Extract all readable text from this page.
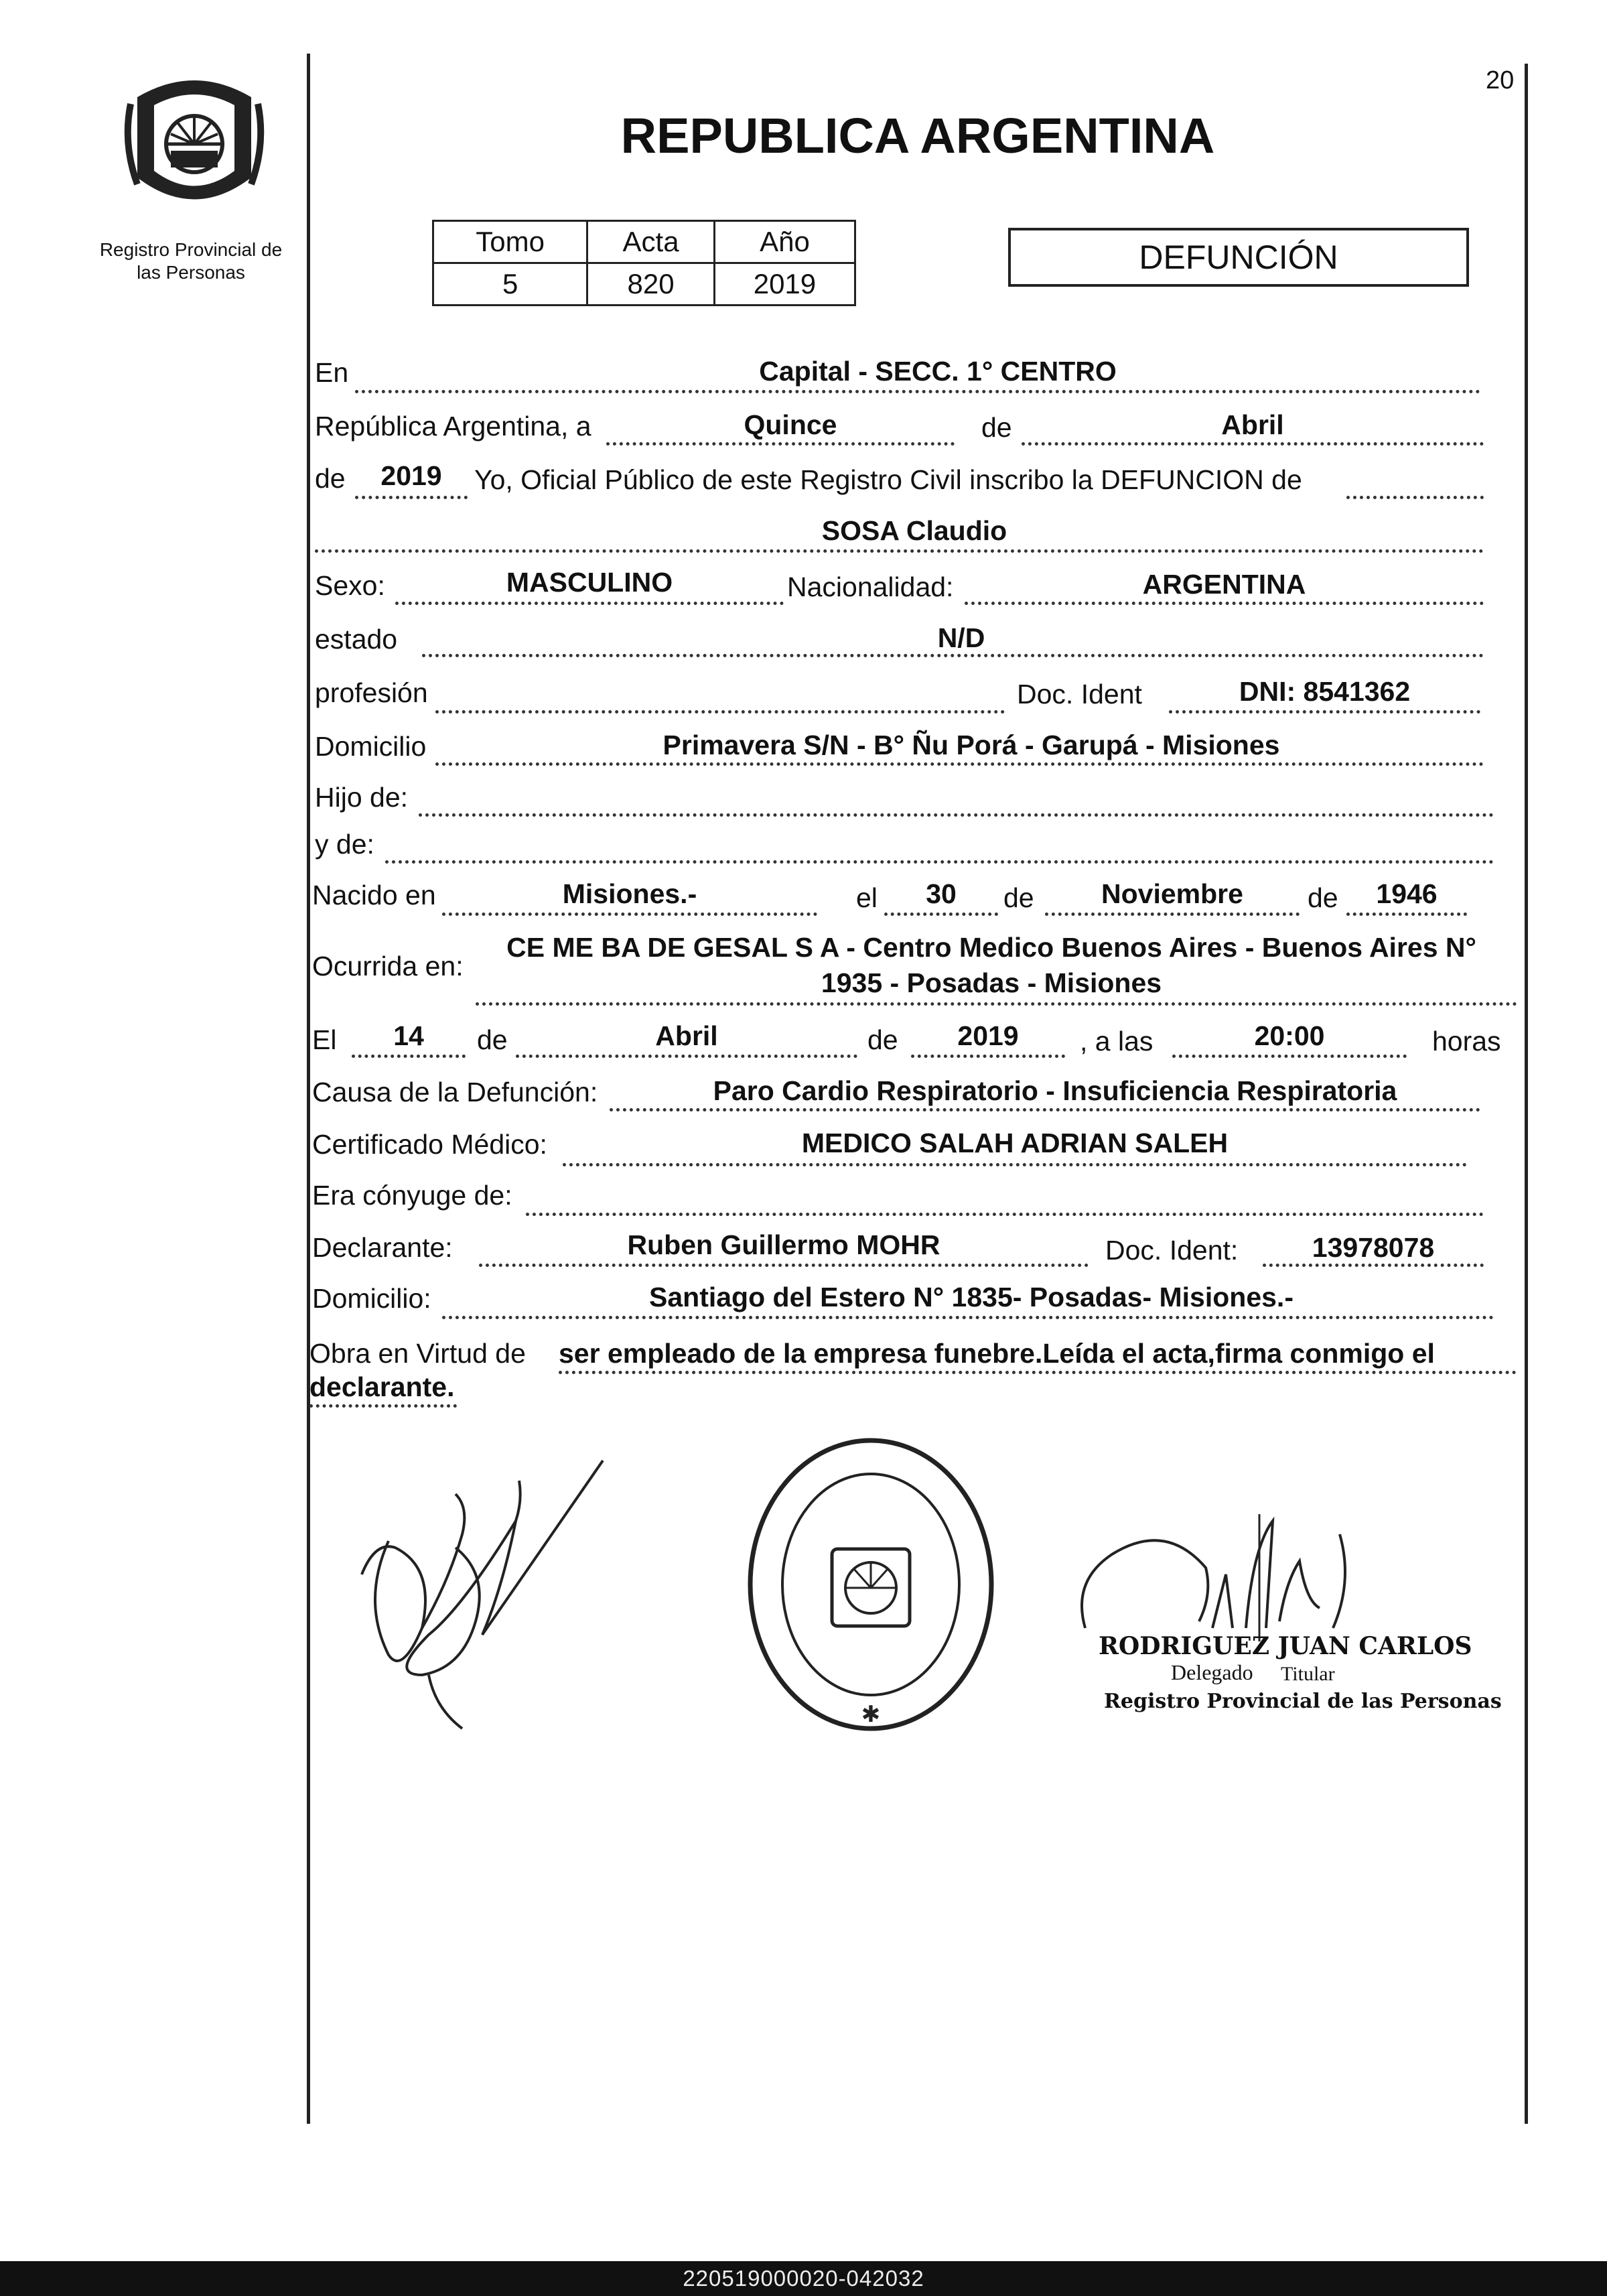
20
Registro Provincial de
las Personas
REPUBLICA ARGENTINA
Tomo	Acta	Año
5	820	2019
DEFUNCIÓN
En	Capital - SECC. 1° CENTRO
República Argentina, a	Quince	de	Abril
de	2019	Yo, Oficial Público de este Registro Civil inscribo la DEFUNCION de
SOSA Claudio
Sexo:	MASCULINO	Nacionalidad:	ARGENTINA
estado	N/D
profesión	Doc. Ident	DNI: 8541362
Domicilio	Primavera S/N - B° Ñu Porá - Garupá - Misiones
Hijo de:
y de:
Nacido en	Misiones.-	el	30	de	Noviembre	de	1946
Ocurrida en:
CE ME BA DE GESAL S A - Centro Medico Buenos Aires - Buenos Aires N°
1935 - Posadas - Misiones
El	14	de	Abril	de	2019	, a las	20:00	horas
Causa de la Defunción:	Paro Cardio Respiratorio - Insuficiencia Respiratoria
Certificado Médico:	MEDICO SALAH ADRIAN SALEH
Era cónyuge de:
Declarante:	Ruben Guillermo MOHR	Doc. Ident:	13978078
Domicilio:	Santiago del Estero N° 1835- Posadas- Misiones.-
Obra en Virtud de ser empleado de la empresa funebre.Leída el acta,firma conmigo el
declarante.
✱
RODRIGUEZ JUAN CARLOS
Delegado Titular
Registro Provincial de las Personas
220519000020-042032
